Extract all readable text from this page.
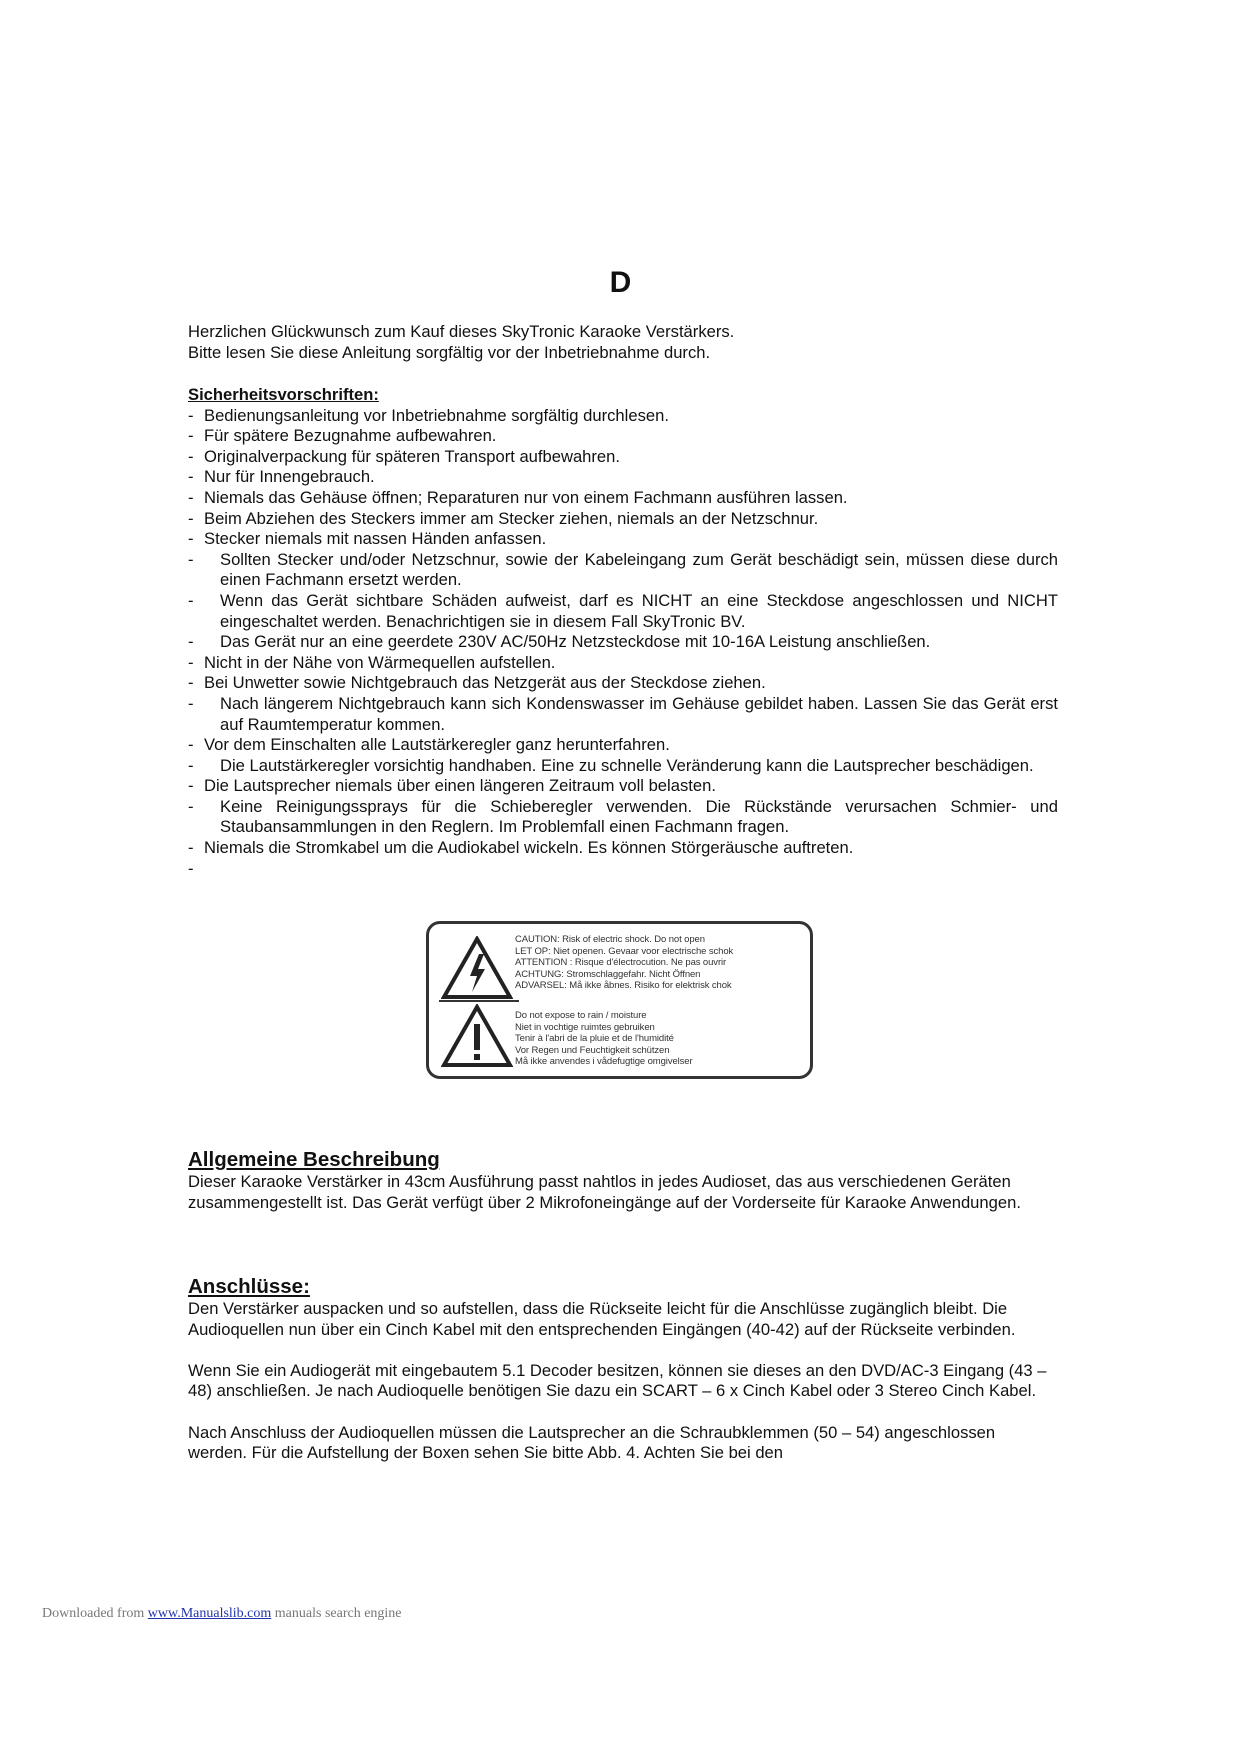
D

Herzlichen Glückwunsch zum Kauf dieses SkyTronic Karaoke Verstärkers.

Bitte lesen Sie diese Anleitung sorgfältig vor der Inbetriebnahme durch.

Sicherheitsvorschriften:

- Bedienungsanleitung vor Inbetriebnahme sorgfältig durchlesen.
- Für spätere Bezugnahme aufbewahren.
- Originalverpackung für späteren Transport aufbewahren.
- Nur für Innengebrauch.
- Niemals das Gehäuse öffnen; Reparaturen nur von einem Fachmann ausführen lassen.
- Beim Abziehen des Steckers immer am Stecker ziehen, niemals an der Netzschnur.
- Stecker niemals mit nassen Händen anfassen.
- Sollten Stecker und/oder Netzschnur, sowie der Kabeleingang zum Gerät beschädigt sein, müssen diese durch einen Fachmann ersetzt werden.
- Wenn das Gerät sichtbare Schäden aufweist, darf es NICHT an eine Steckdose angeschlossen und NICHT eingeschaltet werden. Benachrichtigen sie in diesem Fall SkyTronic BV.
- Das Gerät nur an eine geerdete 230V AC/50Hz Netzsteckdose mit 10-16A Leistung anschließen.
- Nicht in der Nähe von Wärmequellen aufstellen.
- Bei Unwetter sowie Nichtgebrauch das Netzgerät aus der Steckdose ziehen.
- Nach längerem Nichtgebrauch kann sich Kondenswasser im Gehäuse gebildet haben. Lassen Sie das Gerät erst auf Raumtemperatur kommen.
- Vor dem Einschalten alle Lautstärkeregler ganz herunterfahren.
- Die Lautstärkeregler vorsichtig handhaben. Eine zu schnelle Veränderung kann die Lautsprecher beschädigen.
- Die Lautsprecher niemals über einen längeren Zeitraum voll belasten.
- Keine Reinigungssprays für die Schieberegler verwenden. Die Rückstände verursachen Schmier- und Staubansammlungen in den Reglern. Im Problemfall einen Fachmann fragen.
- Niemals die Stromkabel um die Audiokabel wickeln. Es können Störgeräusche auftreten.
-

CAUTION: Risk of electric shock. Do not open
LET OP: Niet openen. Gevaar voor electrische schok
ATTENTION : Risque d'électrocution. Ne pas ouvrir
ACHTUNG: Stromschlaggefahr. Nicht Öffnen
ADVARSEL: Må ikke åbnes. Risiko for elektrisk chok
Do not expose to rain / moisture
Niet in vochtige ruimtes gebruiken
Tenir à l'abri de la pluie et de l'humidité
Vor Regen und Feuchtigkeit schützen
Må ikke anvendes i vådefugtige omgivelser
Allgemeine Beschreibung

Dieser Karaoke Verstärker in 43cm Ausführung passt nahtlos in jedes Audioset, das aus verschiedenen Geräten zusammengestellt ist. Das Gerät verfügt über 2 Mikrofoneingänge auf der Vorderseite für Karaoke Anwendungen.

Anschlüsse:

Den Verstärker auspacken und so aufstellen, dass die Rückseite leicht für die Anschlüsse zugänglich bleibt. Die Audioquellen nun über ein Cinch Kabel mit den entsprechenden Eingängen (40-42) auf der Rückseite verbinden.

Wenn Sie ein Audiogerät mit eingebautem 5.1 Decoder besitzen, können sie dieses an den DVD/AC-3 Eingang (43 – 48) anschließen. Je nach Audioquelle benötigen Sie dazu ein SCART – 6 x Cinch Kabel oder 3 Stereo Cinch Kabel.

Nach Anschluss der Audioquellen müssen die Lautsprecher an die Schraubklemmen (50 – 54) angeschlossen werden. Für die Aufstellung der Boxen sehen Sie bitte Abb. 4. Achten Sie bei den

Downloaded from www.Manualslib.com manuals search engine
